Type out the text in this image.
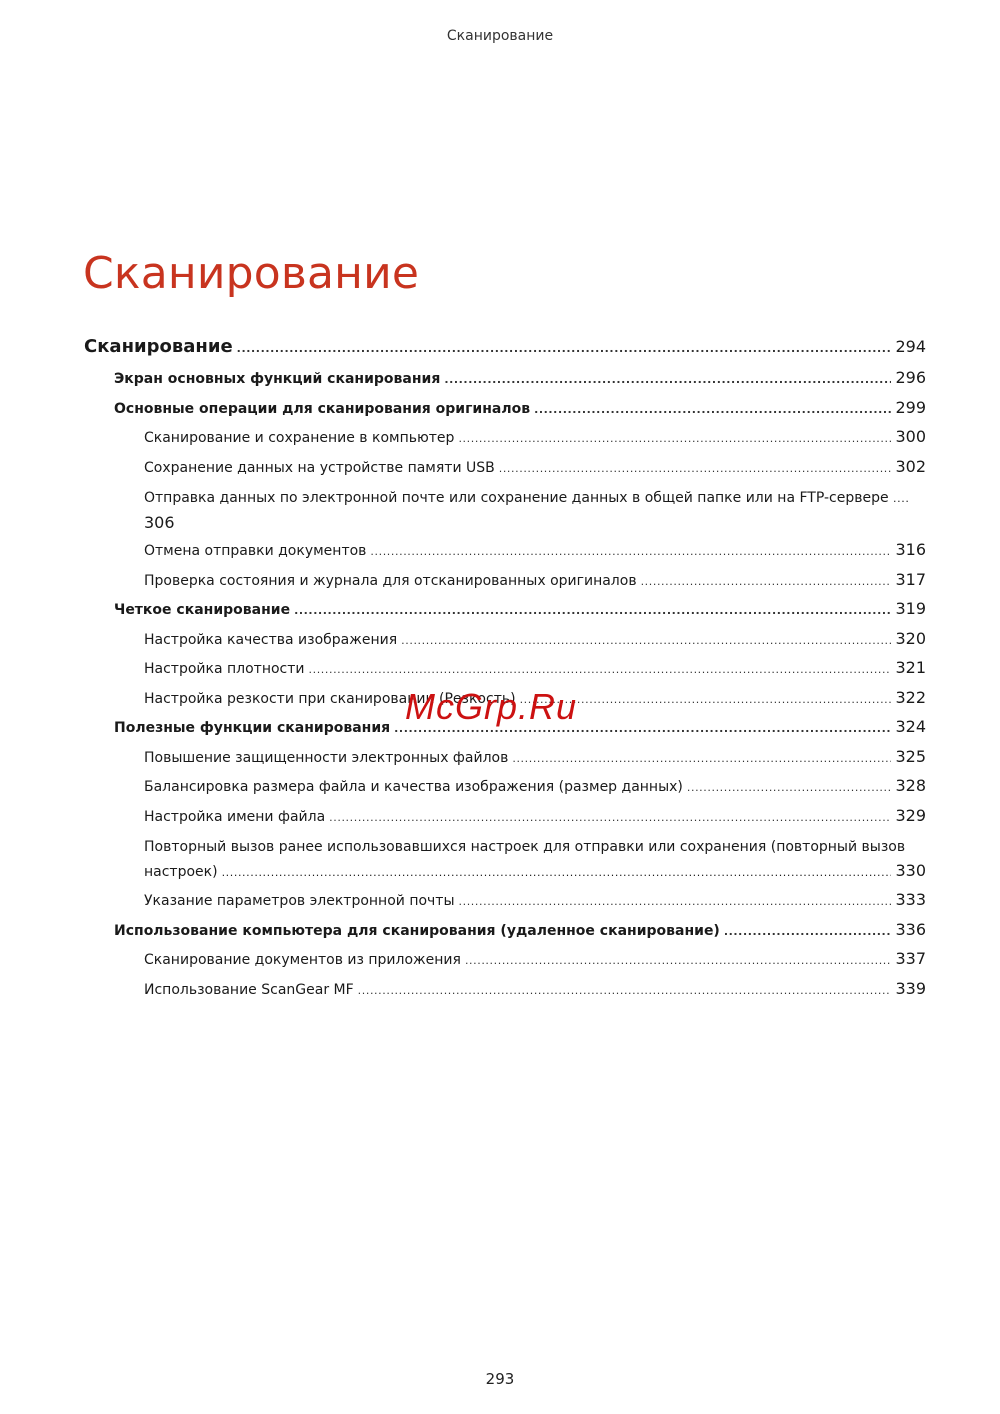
Сканирование
Сканирование
Сканирование .....	294
Экран основных функций сканирования .....	296
Основные операции для сканирования оригиналов .....	299
Сканирование и сохранение в компьютер .....	300
Сохранение данных на устройстве памяти USB .....	302
Отправка данных по электронной почте или сохранение данных в общей папке или на FTP-сервере ....
306
Отмена отправки документов .....	316
Проверка состояния и журнала для отсканированных оригиналов .....	317
Четкое сканирование .....	319
Настройка качества изображения .....	320
Настройка плотности .....	321
Настройка резкости при сканировании (Резкость) .....	322
Полезные функции сканирования .....	324
Повышение защищенности электронных файлов .....	325
Балансировка размера файла и качества изображения (размер данных) .....	328
Настройка имени файла .....	329
Повторный вызов ранее использовавшихся настроек для отправки или сохранения (повторный вызов
настроек) .....	330
Указание параметров электронной почты .....	333
Использование компьютера для сканирования (удаленное сканирование) .....	336
Сканирование документов из приложения .....	337
Использование ScanGear MF .....	339
McGrp.Ru
293
